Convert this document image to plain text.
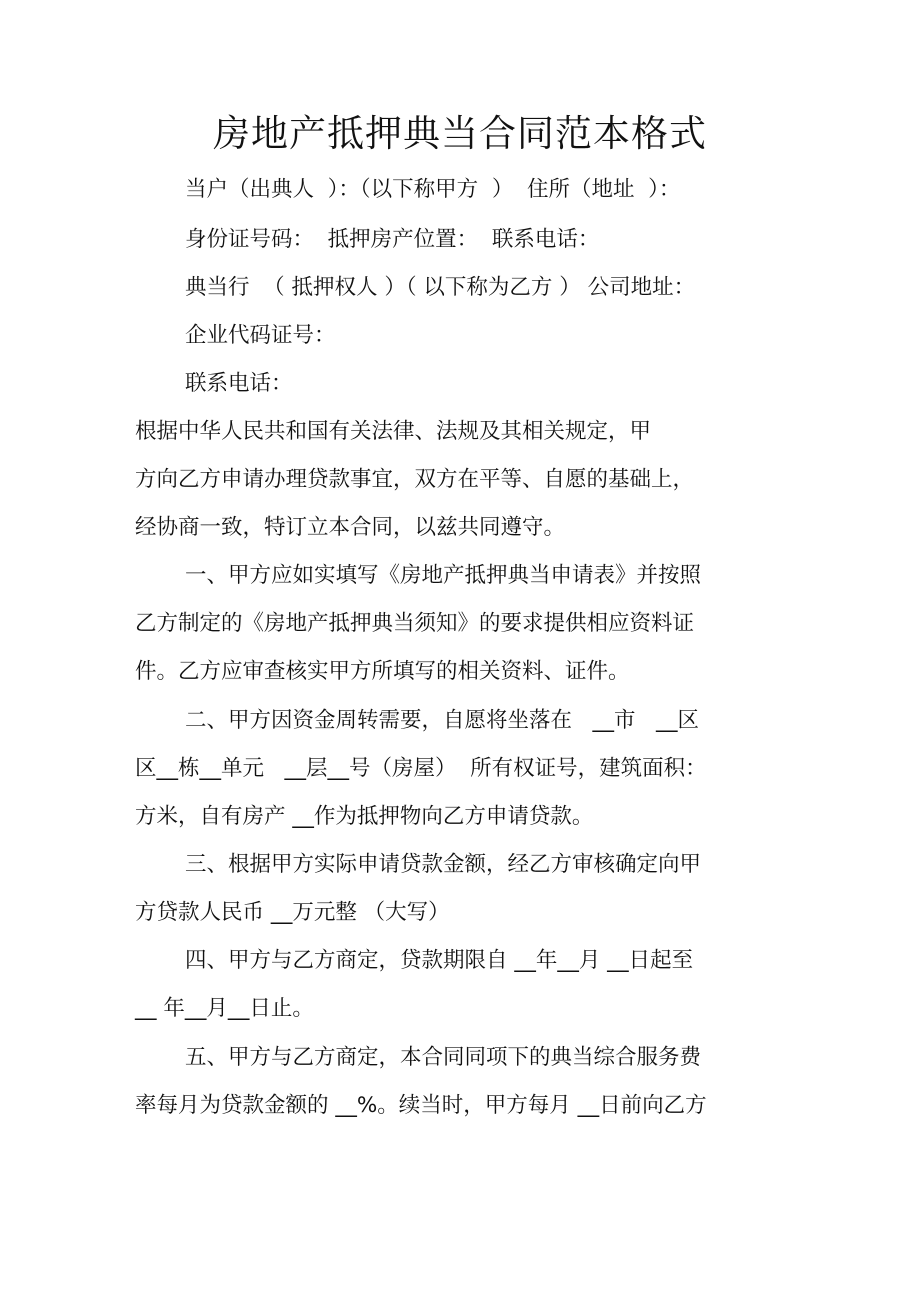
房地产抵押典当合同范本格式
当户（出典人  ）：（以下称甲方  ）  住所（地址  ）：
身份证号码：  抵押房产位置：  联系电话：
典当行  （ 抵押权人 ）（ 以下称为乙方 ） 公司地址：
企业代码证号：
联系电话：
根据中华人民共和国有关法律、法规及其相关规定，甲
方向乙方申请办理贷款事宜，双方在平等、自愿的基础上，
经协商一致，特订立本合同，以兹共同遵守。
一、甲方应如实填写《房地产抵押典当申请表》并按照
乙方制定的《房地产抵押典当须知》的要求提供相应资料证
件。乙方应审查核实甲方所填写的相关资料、证件。
二、甲方因资金周转需要，自愿将坐落在   __市   __区
区__栋__单元   __层__号（房屋）  所有权证号，建筑面积：
方米，自有房产 __作为抵押物向乙方申请贷款。
三、根据甲方实际申请贷款金额，经乙方审核确定向甲
方贷款人民币 __万元整 （大写）
四、甲方与乙方商定，贷款期限自 __年__月 __日起至
__ 年__月__日止。
五、甲方与乙方商定，本合同同项下的典当综合服务费
率每月为贷款金额的 __%。续当时，甲方每月 __日前向乙方
